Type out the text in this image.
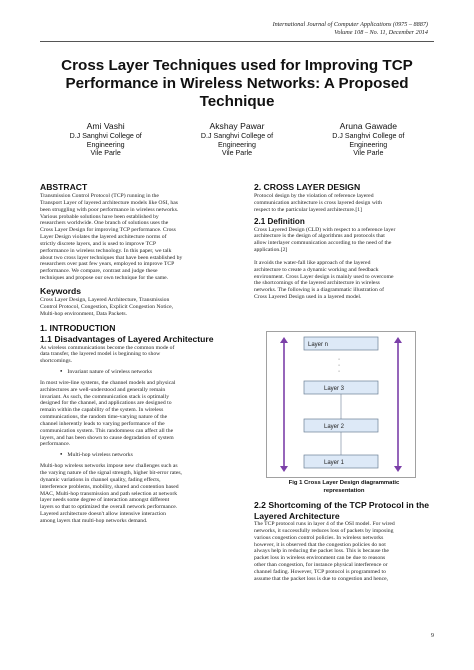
International Journal of Computer Applications (0975 – 8887)
Volume 108 – No. 11, December 2014
Cross Layer Techniques used for Improving TCP
Performance in Wireless Networks: A Proposed
Technique
Ami Vashi
D.J Sanghvi College of
Engineering
Vile Parle
Akshay Pawar
D.J Sanghvi College of
Engineering
Vile Parle
Aruna Gawade
D.J Sanghvi College of
Engineering
Vile Parle
ABSTRACT
Transmission Control Protocol (TCP) running in the
Transport Layer of layered architecture models like OSI, has
been struggling with poor performance in wireless networks.
Various probable solutions have been established by
researchers worldwide. One branch of solutions uses the
Cross Layer Design for improving TCP performance. Cross
Layer Design violates the layered architecture norms of
strictly discrete layers, and is used to improve TCP
performance in wireless technology. In this paper, we talk
about two cross layer techniques that have been established by
researchers over past few years, employed to improve TCP
performance. We compare, contrast and judge these
techniques and propose our own technique for the same.
Keywords
Cross Layer Design, Layered Architecture, Transmission
Control Protocol, Congestion, Explicit Congestion Notice,
Multi-hop environment, Data Packets.
1. INTRODUCTION
1.1 Disadvantages of Layered Architecture
As wireless communications become the common mode of
data transfer, the layered model is beginning to show
shortcomings.
● Invariant nature of wireless networks
In most wire-line systems, the channel models and physical
architectures are well-understood and generally remain
invariant. As such, the communication stack is optimally
designed for the channel, and applications are designed to
remain within the capability of the system. In wireless
communications, the random time-varying nature of the
channel inherently leads to varying performance of the
communication system. This randomness can affect all the
layers, and has been shown to cause degradation of system
performance.
● Multi-hop wireless networks
Multi-hop wireless networks impose new challenges such as
the varying nature of the signal strength, higher bit-error rates,
dynamic variations in channel quality, fading effects,
interference problems, mobility, shared and contention based
MAC, Multi-hop transmission and path selection at network
layer needs some degree of interaction amongst different
layers so that to optimized the overall network performance.
Layered architecture doesn't allow intensive interaction
among layers that multi-hop networks demand.
2. CROSS LAYER DESIGN
Protocol design by the violation of reference layered
communication architecture is cross layered design with
respect to the particular layered architecture.[1]
2.1 Definition
Cross Layered Design (CLD) with respect to a reference layer
architecture is the design of algorithms and protocols that
allow interlayer communication according to the need of the
application.[2]
It avoids the water-fall like approach of the layered
architecture to create a dynamic working and feedback
environment. Cross Layer design is mainly used to overcome
the shortcomings of the layered architecture in wireless
networks. The following is a diagrammatic illustration of
Cross Layered Design used in a layered model.
Layer n
·
·
·
Layer 3
Layer 2
Layer 1
Fig 1 Cross Layer Design diagrammatic
representation
2.2 Shortcoming of the TCP Protocol in the Layered Architecture
The TCP protocol runs in layer 4 of the OSI model. For wired
networks, it successfully reduces loss of packets by imposing
various congestion control policies. In wireless networks
however, it is observed that the congestion policies do not
always help in reducing the packet loss. This is because the
packet loss in wireless environment can be due to reasons
other than congestion, for instance physical interference or
channel fading. However, TCP protocol is programmed to
assume that the packet loss is due to congestion and hence,
9
